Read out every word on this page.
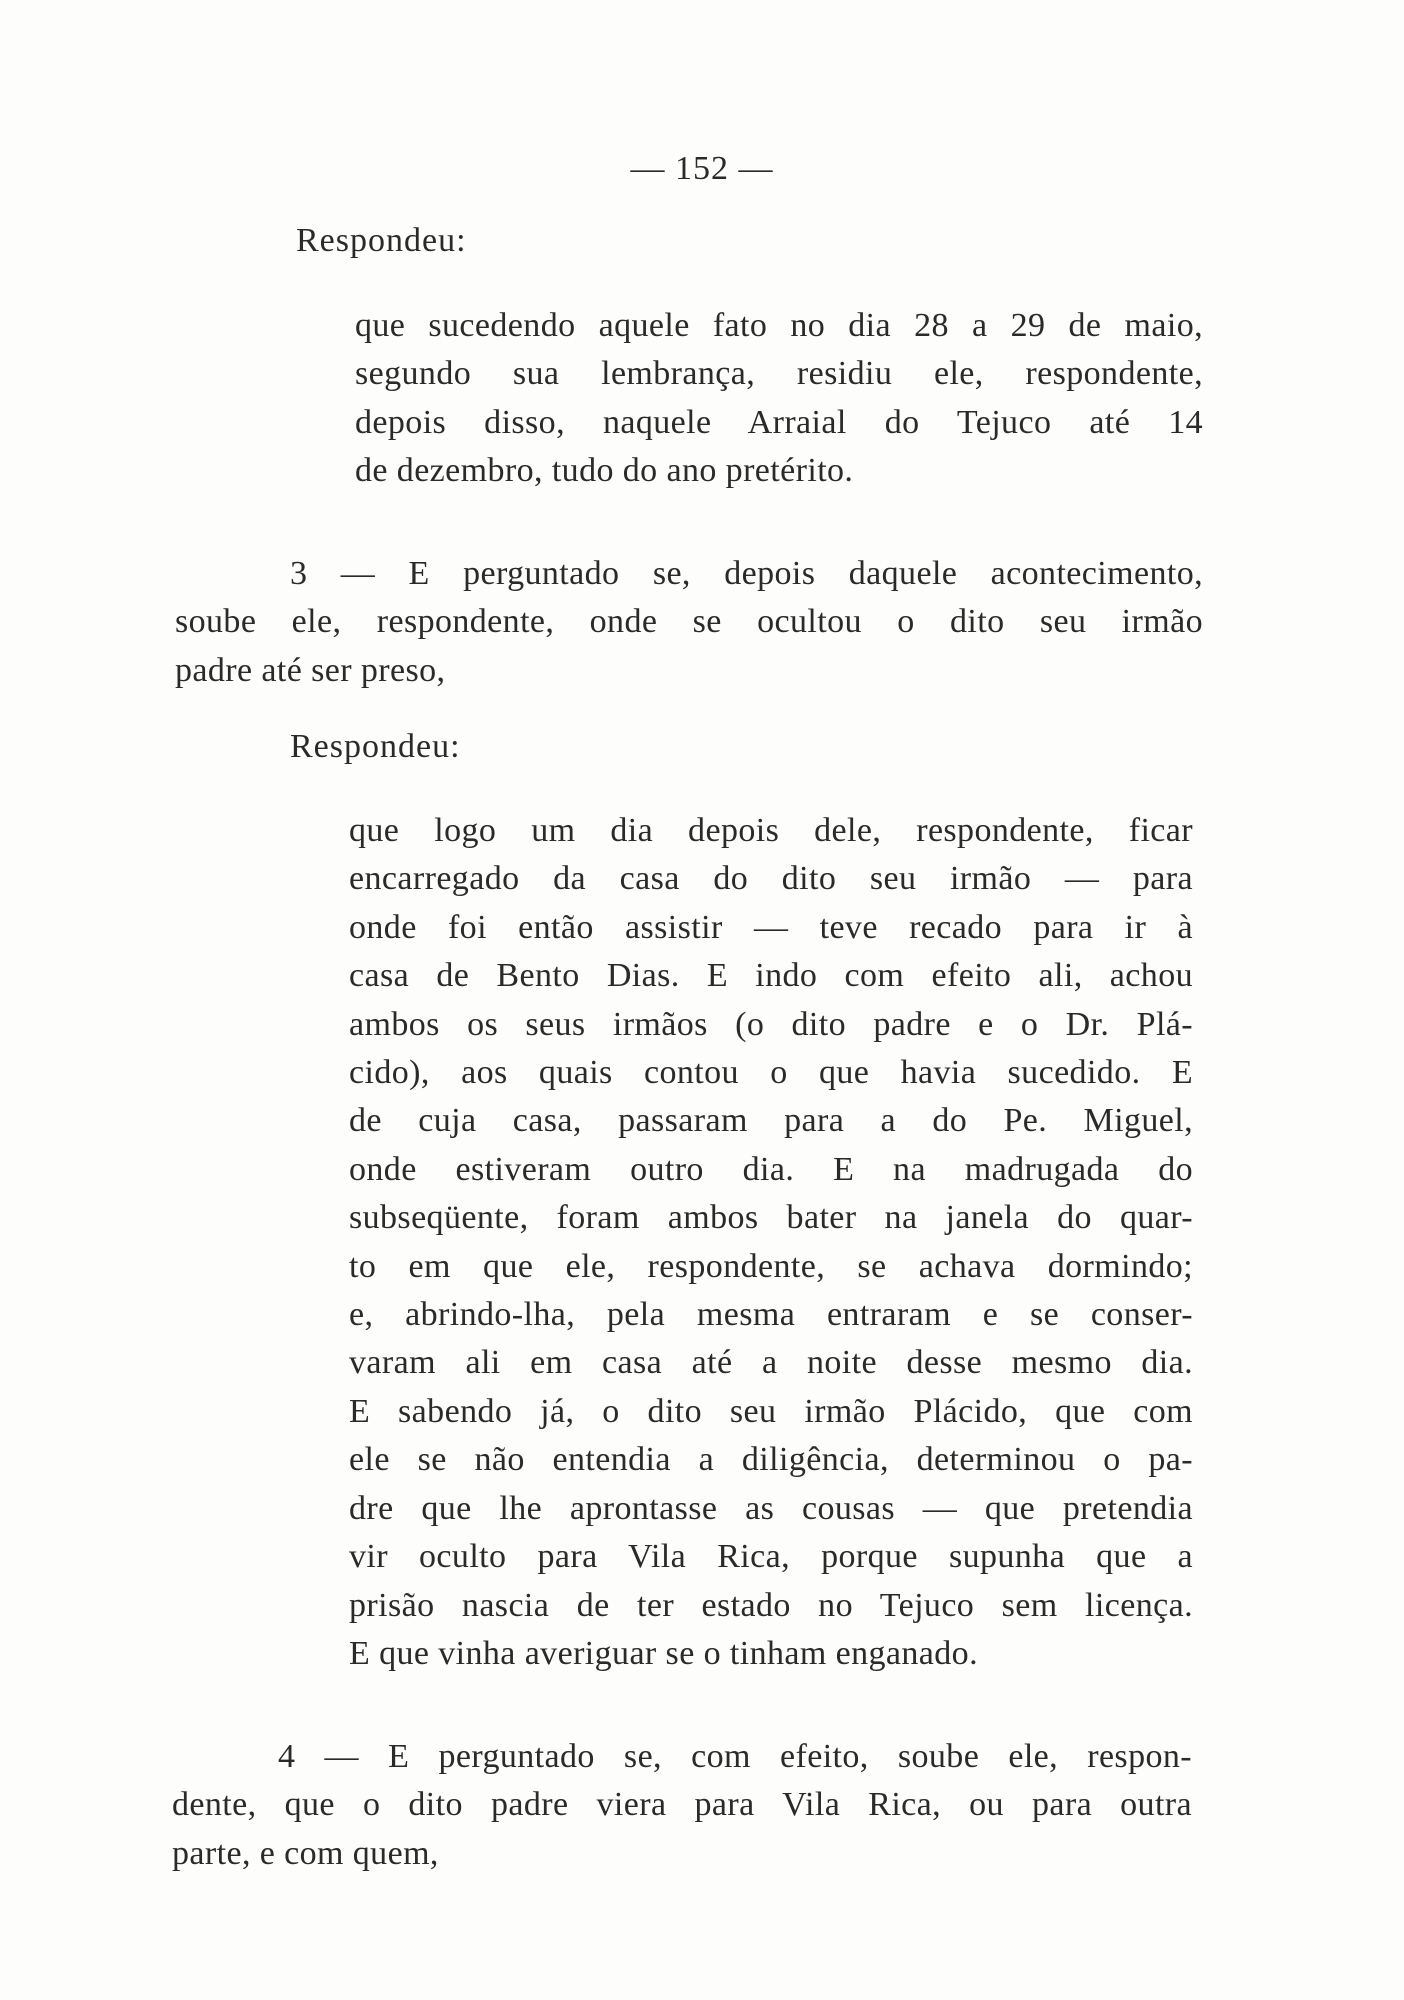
— 152 —
Respondeu:
que sucedendo aquele fato no dia 28 a 29 de maio,
segundo sua lembrança, residiu ele, respondente,
depois disso, naquele Arraial do Tejuco até 14
de dezembro, tudo do ano pretérito.
3 — E perguntado se, depois daquele acontecimento,
soube ele, respondente, onde se ocultou o dito seu irmão
padre até ser preso,
Respondeu:
que logo um dia depois dele, respondente, ficar
encarregado da casa do dito seu irmão — para
onde foi então assistir — teve recado para ir à
casa de Bento Dias. E indo com efeito ali, achou
ambos os seus irmãos (o dito padre e o Dr. Plá-
cido), aos quais contou o que havia sucedido. E
de cuja casa, passaram para a do Pe. Miguel,
onde estiveram outro dia. E na madrugada do
subseqüente, foram ambos bater na janela do quar-
to em que ele, respondente, se achava dormindo;
e, abrindo-lha, pela mesma entraram e se conser-
varam ali em casa até a noite desse mesmo dia.
E sabendo já, o dito seu irmão Plácido, que com
ele se não entendia a diligência, determinou o pa-
dre que lhe aprontasse as cousas — que pretendia
vir oculto para Vila Rica, porque supunha que a
prisão nascia de ter estado no Tejuco sem licença.
E que vinha averiguar se o tinham enganado.
4 — E perguntado se, com efeito, soube ele, respon-
dente, que o dito padre viera para Vila Rica, ou para outra
parte, e com quem,
